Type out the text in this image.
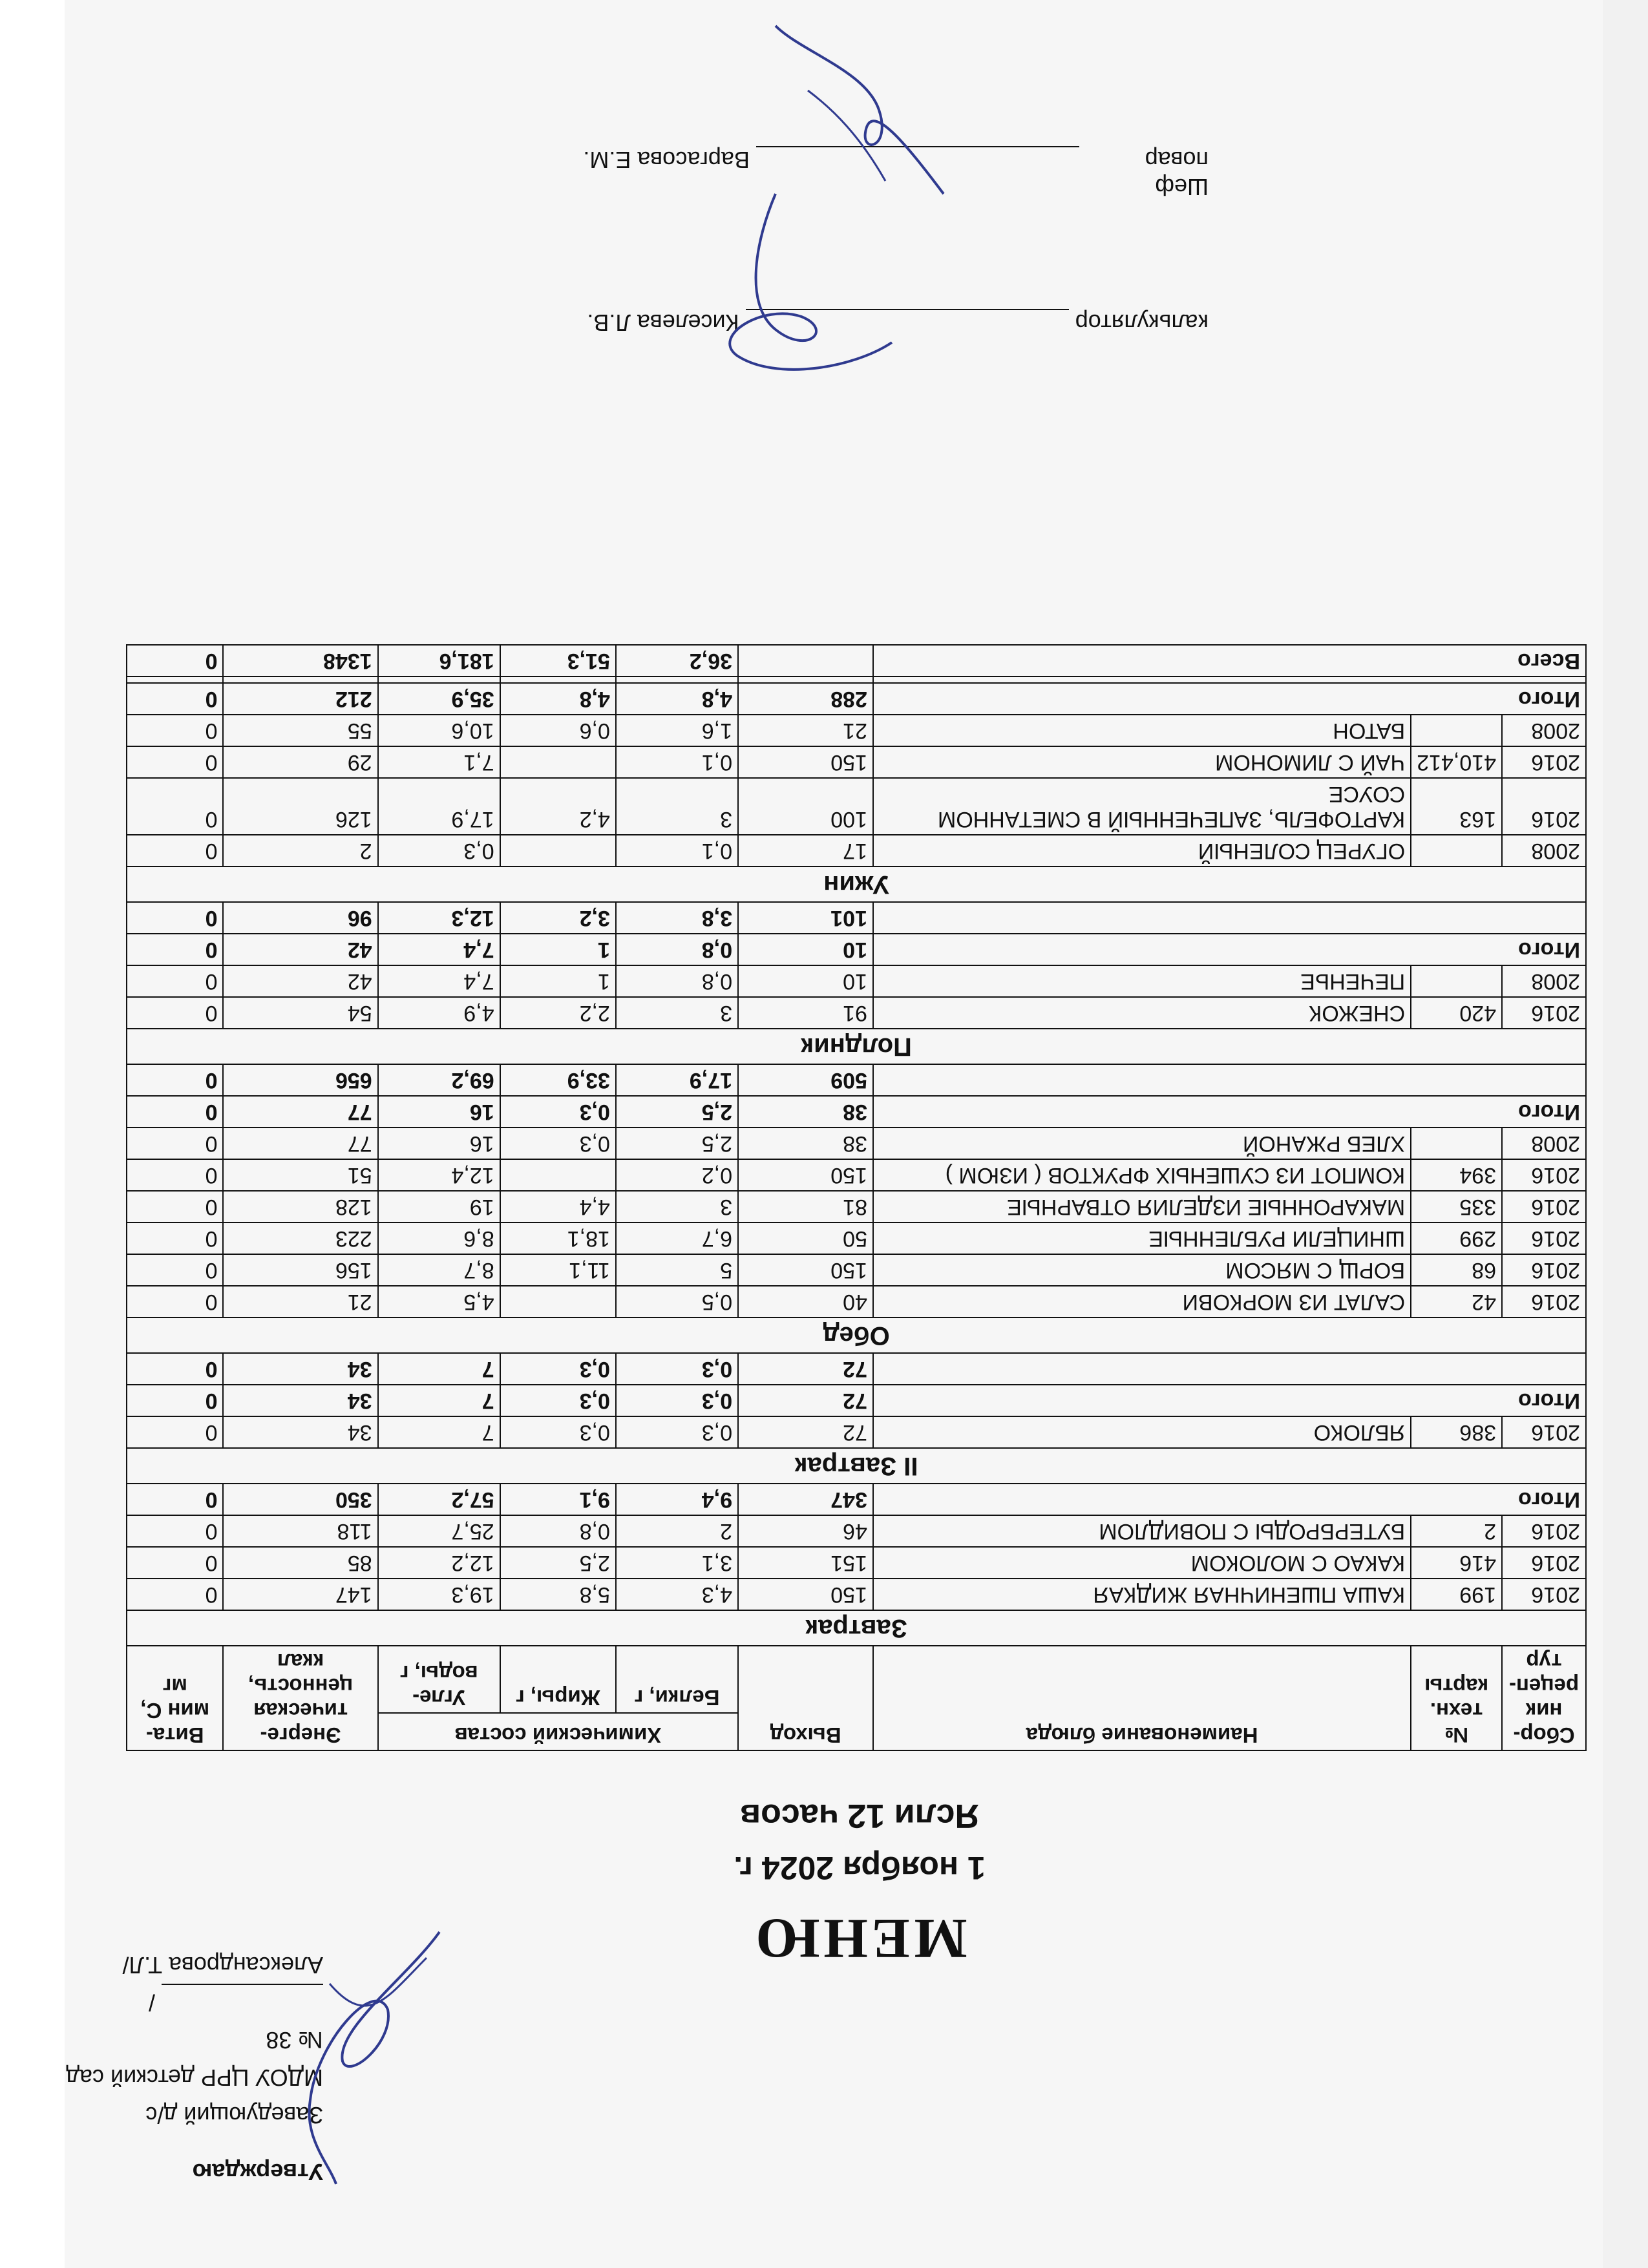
Утверждаю
Заведующий д/с
МДОУ ЦРР детский сад № 38
/Александрова Т.Л/	МЕНЮ
1 ноября 2024 г.
Ясли 12 часов
Сбор-ник рецеп-тур	№ техн. карты	Наименование блюда	Выход	Химический состав			Энерге-тическая ценность, ккал	Вита-мин С, мг
				Белки, г	Жиры, г	Угле-воды, г		
Завтрак								
2016	199	КАША ПШЕНИЧНАЯ ЖИДКАЯ	150	4,3	5,8	19,3	147	0
2016	416	КАКАО С МОЛОКОМ	151	3,1	2,5	12,2	85	0
2016	2	БУТЕРБРОДЫ С ПОВИДЛОМ	46	2	0,8	25,7	118	0
Итого			347	9,4	9,1	57,2	350	0
II Завтрак								
2016	386	ЯБЛОКО	72	0,3	0,3	7	34	0
Итого			72	0,3	0,3	7	34	0
			72	0,3	0,3	7	34	0
Обед								
2016	42	САЛАТ ИЗ МОРКОВИ	40	0,5		4,5	21	0
2016	68	БОРЩ С МЯСОМ	150	5	11,1	8,7	156	0
2016	299	ШНИЦЕЛИ РУБЛЕННЫЕ	50	6,7	18,1	8,6	223	0
2016	335	МАКАРОННЫЕ ИЗДЕЛИЯ ОТВАРНЫЕ	81	3	4,4	19	128	0
2016	394	КОМПОТ ИЗ СУШЕНЫХ ФРУКТОВ ( ИЗЮМ )	150	0,2		12,4	51	0
2008		ХЛЕБ РЖАНОЙ	38	2,5	0,3	16	77	0
Итого			38	2,5	0,3	16	77	0
			509	17,9	33,9	69,2	656	0
Полдник								
2016	420	СНЕЖОК	91	3	2,2	4,9	54	0
2008		ПЕЧЕНЬЕ	10	0,8	1	7,4	42	0
Итого			10	0,8	1	7,4	42	0
			101	3,8	3,2	12,3	96	0
Ужин								
2008		ОГУРЕЦ СОЛЕНЫЙ	17	0,1		0,3	2	0
2016	163	КАРТОФЕЛЬ, ЗАПЕЧЕННЫЙ В СМЕТАННОМ СОУСЕ	100	3	4,2	17,9	126	0
2016	410,412	ЧАЙ С ЛИМОНОМ	150	0,1		7,1	29	0
2008		БАТОН	21	1,6	0,6	10,6	55	0
Итого			288	4,8	4,8	35,9	212	0

Всего				36,2	51,3	181,6	1348	0
калькулятор  Киселева Л.В.
Шеф повар  Варгасова Е.М.
